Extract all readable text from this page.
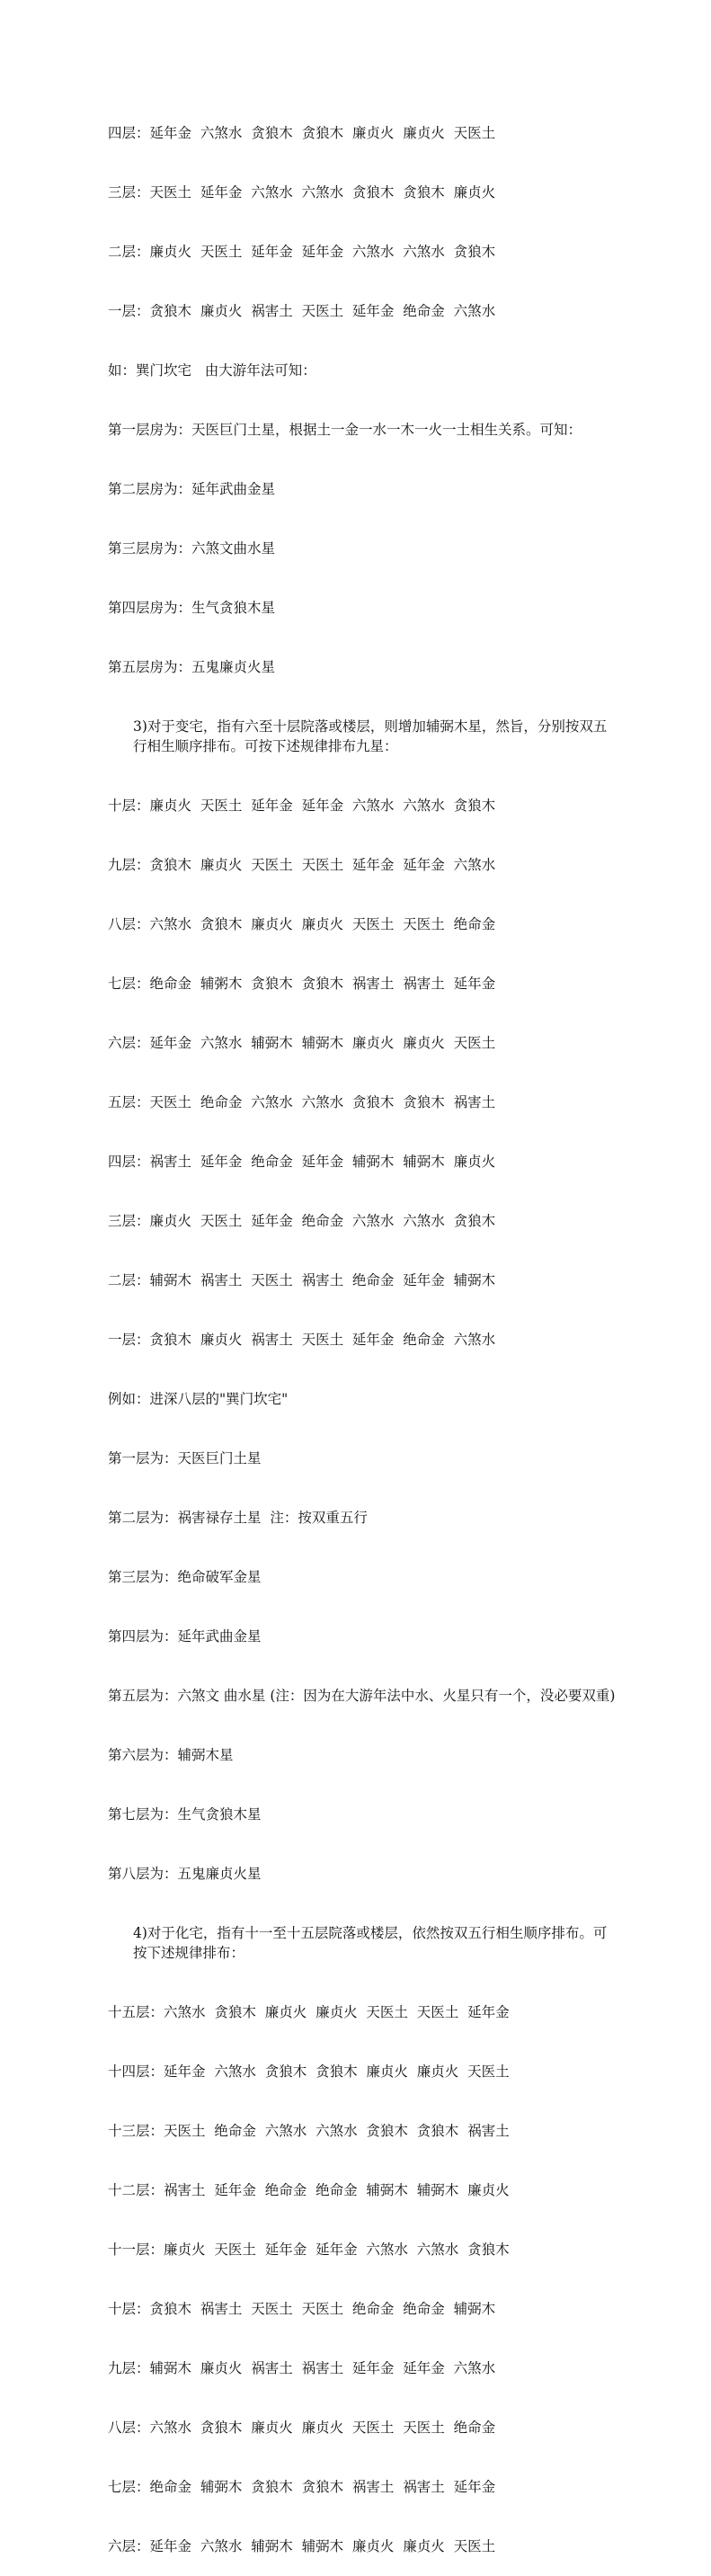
四层：延年金  六煞水  贪狼木  贪狼木  廉贞火  廉贞火  天医土

三层：天医土  延年金  六煞水  六煞水  贪狼木  贪狼木  廉贞火

二层：廉贞火  天医土  延年金  延年金  六煞水  六煞水  贪狼木

一层：贪狼木  廉贞火  祸害土  天医土  延年金  绝命金  六煞水

如：巽门坎宅   由大游年法可知：

第一层房为：天医巨门土星，根据土一金一水一木一火一土相生关系。可知：

第二层房为：延年武曲金星

第三层房为：六煞文曲水星

第四层房为：生气贪狼木星

第五层房为：五鬼廉贞火星

3)对于变宅，指有六至十层院落或楼层，则增加辅弼木星，然旨，分别按双五行相生顺序排布。可按下述规律排布九星：

十层：廉贞火  天医土  延年金  延年金  六煞水  六煞水  贪狼木

九层：贪狼木  廉贞火  天医土  天医土  延年金  延年金  六煞水

八层：六煞水  贪狼木  廉贞火  廉贞火  天医土  天医土  绝命金

七层：绝命金  辅粥木  贪狼木  贪狼木  祸害土  祸害土  延年金

六层：延年金  六煞水  辅弼木  辅弼木  廉贞火  廉贞火  天医土

五层：天医土  绝命金  六煞水  六煞水  贪狼木  贪狼木  祸害土

四层：祸害土  延年金  绝命金  延年金  辅弼木  辅弼木  廉贞火

三层：廉贞火  天医土  延年金  绝命金  六煞水  六煞水  贪狼木

二层：辅弼木  祸害土  天医土  祸害土  绝命金  延年金  辅弼木

一层：贪狼木  廉贞火  祸害土  天医土  延年金  绝命金  六煞水

例如：进深八层的"巽门坎宅"

第一层为：天医巨门土星

第二层为：祸害禄存土星  注：按双重五行

第三层为：绝命破军金星

第四层为：延年武曲金星

第五层为：六煞文 曲水星 (注：因为在大游年法中水、火星只有一个，没必要双重)

第六层为：辅弼木星

第七层为：生气贪狼木星

第八层为：五鬼廉贞火星

4)对于化宅，指有十一至十五层院落或楼层，依然按双五行相生顺序排布。可按下述规律排布：

十五层：六煞水  贪狼木  廉贞火  廉贞火  天医土  天医土  延年金

十四层：延年金  六煞水  贪狼木  贪狼木  廉贞火  廉贞火  天医土

十三层：天医土  绝命金  六煞水  六煞水  贪狼木  贪狼木  祸害土

十二层：祸害土  延年金  绝命金  绝命金  辅弼木  辅弼木  廉贞火

十一层：廉贞火  天医土  延年金  延年金  六煞水  六煞水  贪狼木

十层：贪狼木  祸害土  天医土  天医土  绝命金  绝命金  辅弼木

九层：辅弼木  廉贞火  祸害土  祸害土  延年金  延年金  六煞水

八层：六煞水  贪狼木  廉贞火  廉贞火  天医土  天医土  绝命金

七层：绝命金  辅弼木  贪狼木  贪狼木  祸害土  祸害土  延年金

六层：延年金  六煞水  辅弼木  辅弼木  廉贞火  廉贞火  天医土
